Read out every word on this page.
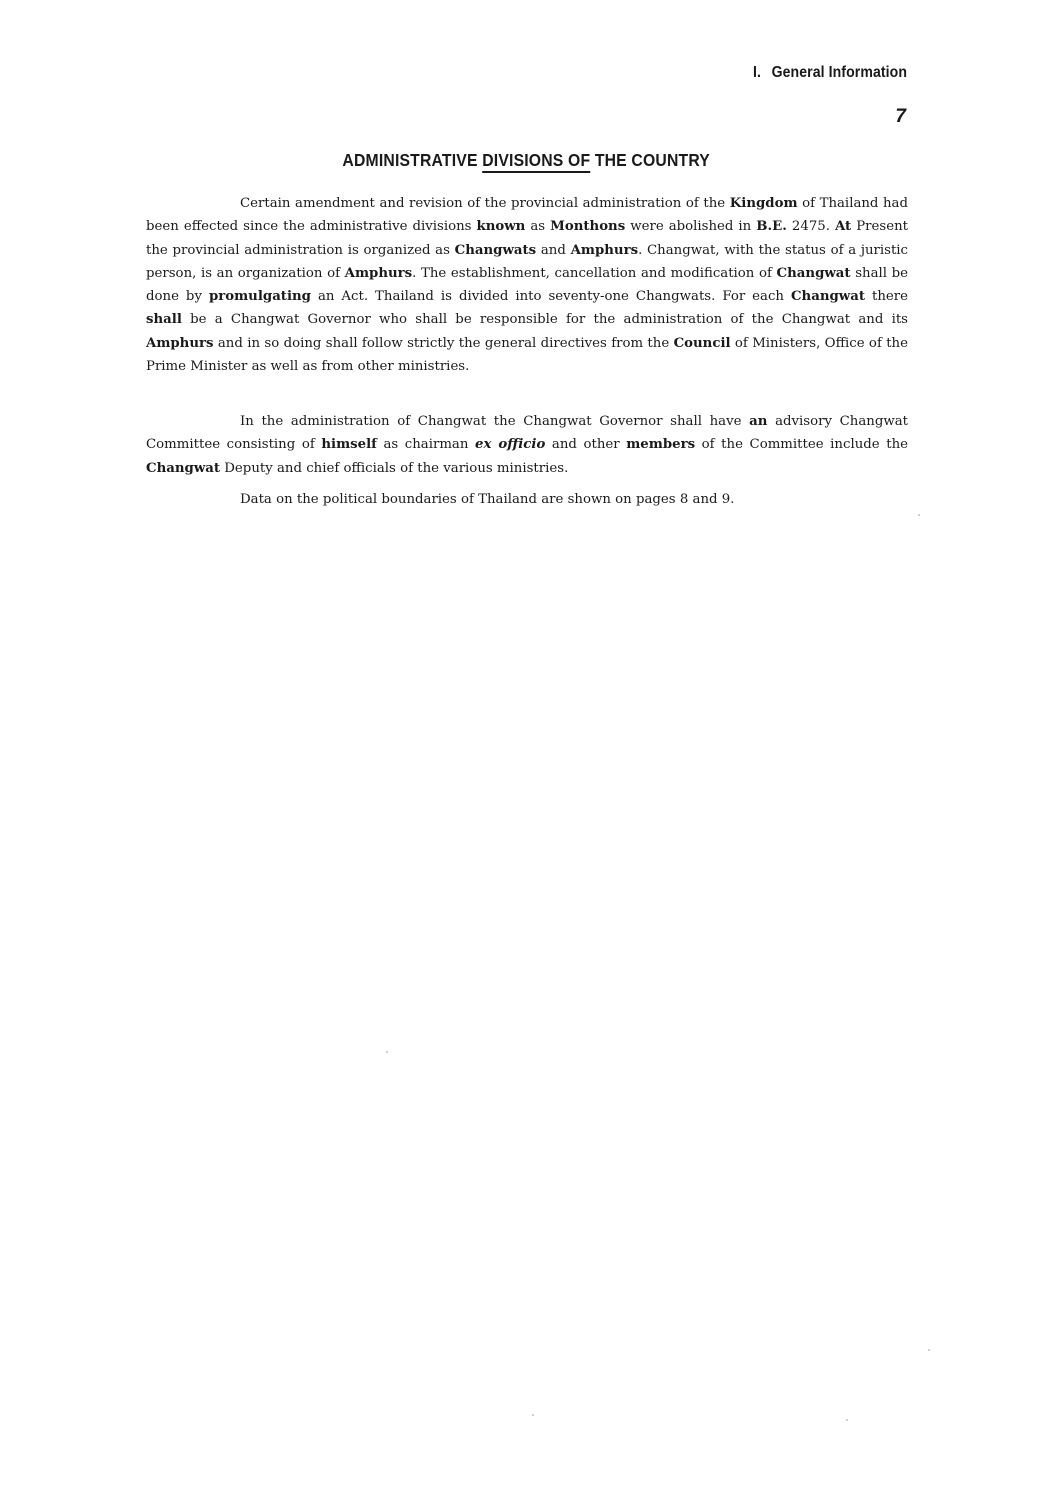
I. General Information
7
ADMINISTRATIVE DIVISIONS OF THE COUNTRY

Certain amendment and revision of the provincial administration of the Kingdom of Thailand had been effected since the administrative divisions known as Monthons were abolished in B.E. 2475. At Present the provincial administration is organized as Changwats and Amphurs. Changwat, with the status of a juristic person, is an organization of Amphurs. The establishment, cancellation and modification of Changwat shall be done by promulgating an Act. Thailand is divided into seventy-one Changwats. For each Changwat there shall be a Changwat Governor who shall be responsible for the administration of the Changwat and its Amphurs and in so doing shall follow strictly the general directives from the Council of Ministers, Office of the Prime Minister as well as from other ministries.

In the administration of Changwat the Changwat Governor shall have an advisory Changwat Committee consisting of himself as chairman ex officio and other members of the Committee include the Changwat Deputy and chief officials of the various ministries.

Data on the political boundaries of Thailand are shown on pages 8 and 9.
